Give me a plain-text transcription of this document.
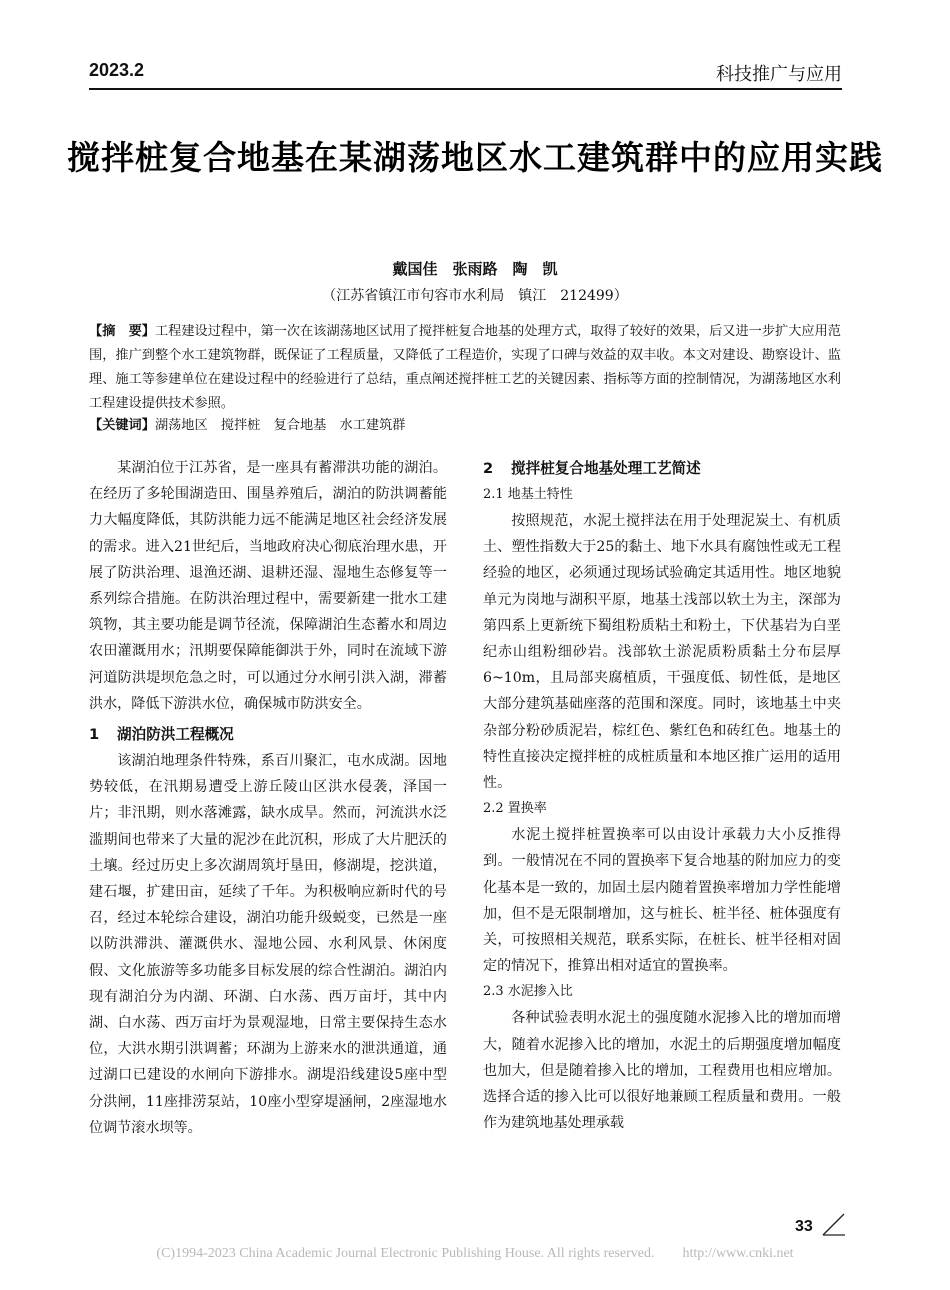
2023.2	科技推广与应用
搅拌桩复合地基在某湖荡地区水工建筑群中的应用实践
戴国佳　张雨路　陶　凯
（江苏省镇江市句容市水利局　镇江　212499）
【摘　要】工程建设过程中，第一次在该湖荡地区试用了搅拌桩复合地基的处理方式，取得了较好的效果，后又进一步扩大应用范围，推广到整个水工建筑物群，既保证了工程质量，又降低了工程造价，实现了口碑与效益的双丰收。本文对建设、勘察设计、监理、施工等参建单位在建设过程中的经验进行了总结，重点阐述搅拌桩工艺的关键因素、指标等方面的控制情况，为湖荡地区水利工程建设提供技术参照。
【关键词】湖荡地区　搅拌桩　复合地基　水工建筑群

某湖泊位于江苏省，是一座具有蓄滞洪功能的湖泊。在经历了多轮围湖造田、围垦养殖后，湖泊的防洪调蓄能力大幅度降低，其防洪能力远不能满足地区社会经济发展的需求。进入21世纪后，当地政府决心彻底治理水患，开展了防洪治理、退渔还湖、退耕还湿、湿地生态修复等一系列综合措施。在防洪治理过程中，需要新建一批水工建筑物，其主要功能是调节径流，保障湖泊生态蓄水和周边农田灌溉用水；汛期要保障能御洪于外，同时在流域下游河道防洪堤坝危急之时，可以通过分水闸引洪入湖，滞蓄洪水，降低下游洪水位，确保城市防洪安全。

1 湖泊防洪工程概况

该湖泊地理条件特殊，系百川聚汇，屯水成湖。因地势较低，在汛期易遭受上游丘陵山区洪水侵袭，泽国一片；非汛期，则水落滩露，缺水成旱。然而，河流洪水泛滥期间也带来了大量的泥沙在此沉积，形成了大片肥沃的土壤。经过历史上多次湖周筑圩垦田，修湖堤，挖洪道，建石堰，扩建田亩，延续了千年。为积极响应新时代的号召，经过本轮综合建设，湖泊功能升级蜕变，已然是一座以防洪滞洪、灌溉供水、湿地公园、水利风景、休闲度假、文化旅游等多功能多目标发展的综合性湖泊。湖泊内现有湖泊分为内湖、环湖、白水荡、西万亩圩，其中内湖、白水荡、西万亩圩为景观湿地，日常主要保持生态水位，大洪水期引洪调蓄；环湖为上游来水的泄洪通道，通过湖口已建设的水闸向下游排水。湖堤沿线建设5座中型分洪闸，11座排涝泵站，10座小型穿堤涵闸，2座湿地水位调节滚水坝等。

2 搅拌桩复合地基处理工艺简述
2.1 地基土特性

按照规范，水泥土搅拌法在用于处理泥炭土、有机质土、塑性指数大于25的黏土、地下水具有腐蚀性或无工程经验的地区，必须通过现场试验确定其适用性。地区地貌单元为岗地与湖积平原，地基土浅部以软土为主，深部为第四系上更新统下蜀组粉质粘土和粉土，下伏基岩为白垩纪赤山组粉细砂岩。浅部软土淤泥质粉质黏土分布层厚6~10m，且局部夹腐植质，干强度低、韧性低，是地区大部分建筑基础座落的范围和深度。同时，该地基土中夹杂部分粉砂质泥岩，棕红色、紫红色和砖红色。地基土的特性直接决定搅拌桩的成桩质量和本地区推广运用的适用性。

2.2 置换率

水泥土搅拌桩置换率可以由设计承载力大小反推得到。一般情况在不同的置换率下复合地基的附加应力的变化基本是一致的，加固土层内随着置换率增加力学性能增加，但不是无限制增加，这与桩长、桩半径、桩体强度有关，可按照相关规范，联系实际，在桩长、桩半径相对固定的情况下，推算出相对适宜的置换率。

2.3 水泥掺入比

各种试验表明水泥土的强度随水泥掺入比的增加而增大，随着水泥掺入比的增加，水泥土的后期强度增加幅度也加大，但是随着掺入比的增加，工程费用也相应增加。选择合适的掺入比可以很好地兼顾工程质量和费用。一般作为建筑地基处理承载

33
(C)1994-2023 China Academic Journal Electronic Publishing House. All rights reserved.　　http://www.cnki.net
